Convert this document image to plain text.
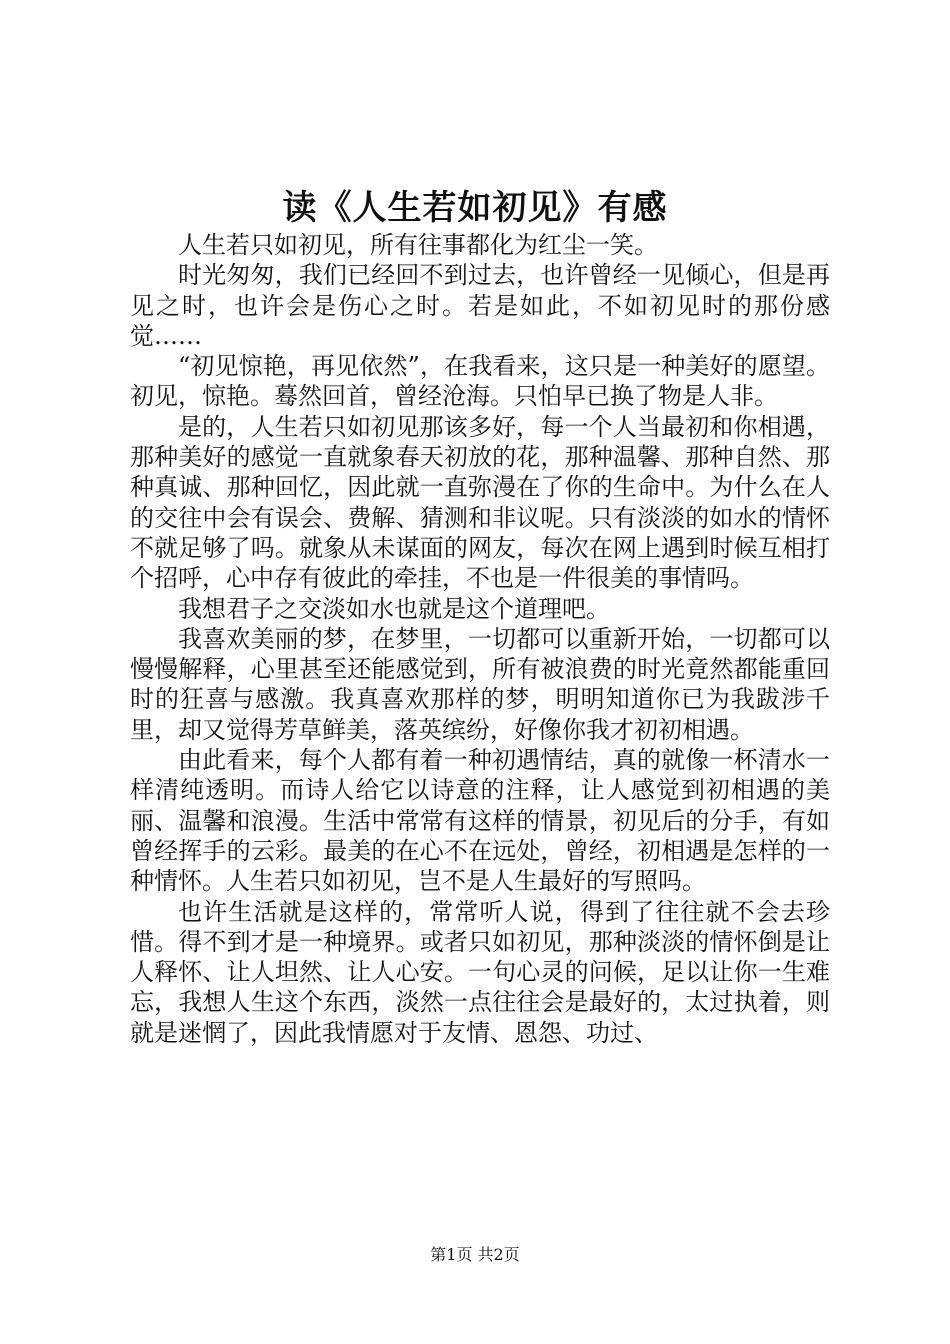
读《人生若如初见》有感

人生若只如初见，所有往事都化为红尘一笑。

时光匆匆，我们已经回不到过去，也许曾经一见倾心，但是再见之时，也许会是伤心之时。若是如此，不如初见时的那份感觉……

“初见惊艳，再见依然”，在我看来，这只是一种美好的愿望。初见，惊艳。蓦然回首，曾经沧海。只怕早已换了物是人非。

是的，人生若只如初见那该多好，每一个人当最初和你相遇，那种美好的感觉一直就象春天初放的花，那种温馨、那种自然、那种真诚、那种回忆，因此就一直弥漫在了你的生命中。为什么在人的交往中会有误会、费解、猜测和非议呢。只有淡淡的如水的情怀不就足够了吗。就象从未谋面的网友，每次在网上遇到时候互相打个招呼，心中存有彼此的牵挂，不也是一件很美的事情吗。

我想君子之交淡如水也就是这个道理吧。

我喜欢美丽的梦，在梦里，一切都可以重新开始，一切都可以慢慢解释，心里甚至还能感觉到，所有被浪费的时光竟然都能重回时的狂喜与感激。我真喜欢那样的梦，明明知道你已为我跋涉千里，却又觉得芳草鲜美，落英缤纷，好像你我才初初相遇。

由此看来，每个人都有着一种初遇情结，真的就像一杯清水一样清纯透明。而诗人给它以诗意的注释，让人感觉到初相遇的美丽、温馨和浪漫。生活中常常有这样的情景，初见后的分手，有如曾经挥手的云彩。最美的在心不在远处，曾经，初相遇是怎样的一种情怀。人生若只如初见，岂不是人生最好的写照吗。

也许生活就是这样的，常常听人说，得到了往往就不会去珍惜。得不到才是一种境界。或者只如初见，那种淡淡的情怀倒是让人释怀、让人坦然、让人心安。一句心灵的问候，足以让你一生难忘，我想人生这个东西，淡然一点往往会是最好的，太过执着，则就是迷惘了，因此我情愿对于友情、恩怨、功过、

第1页 共2页
